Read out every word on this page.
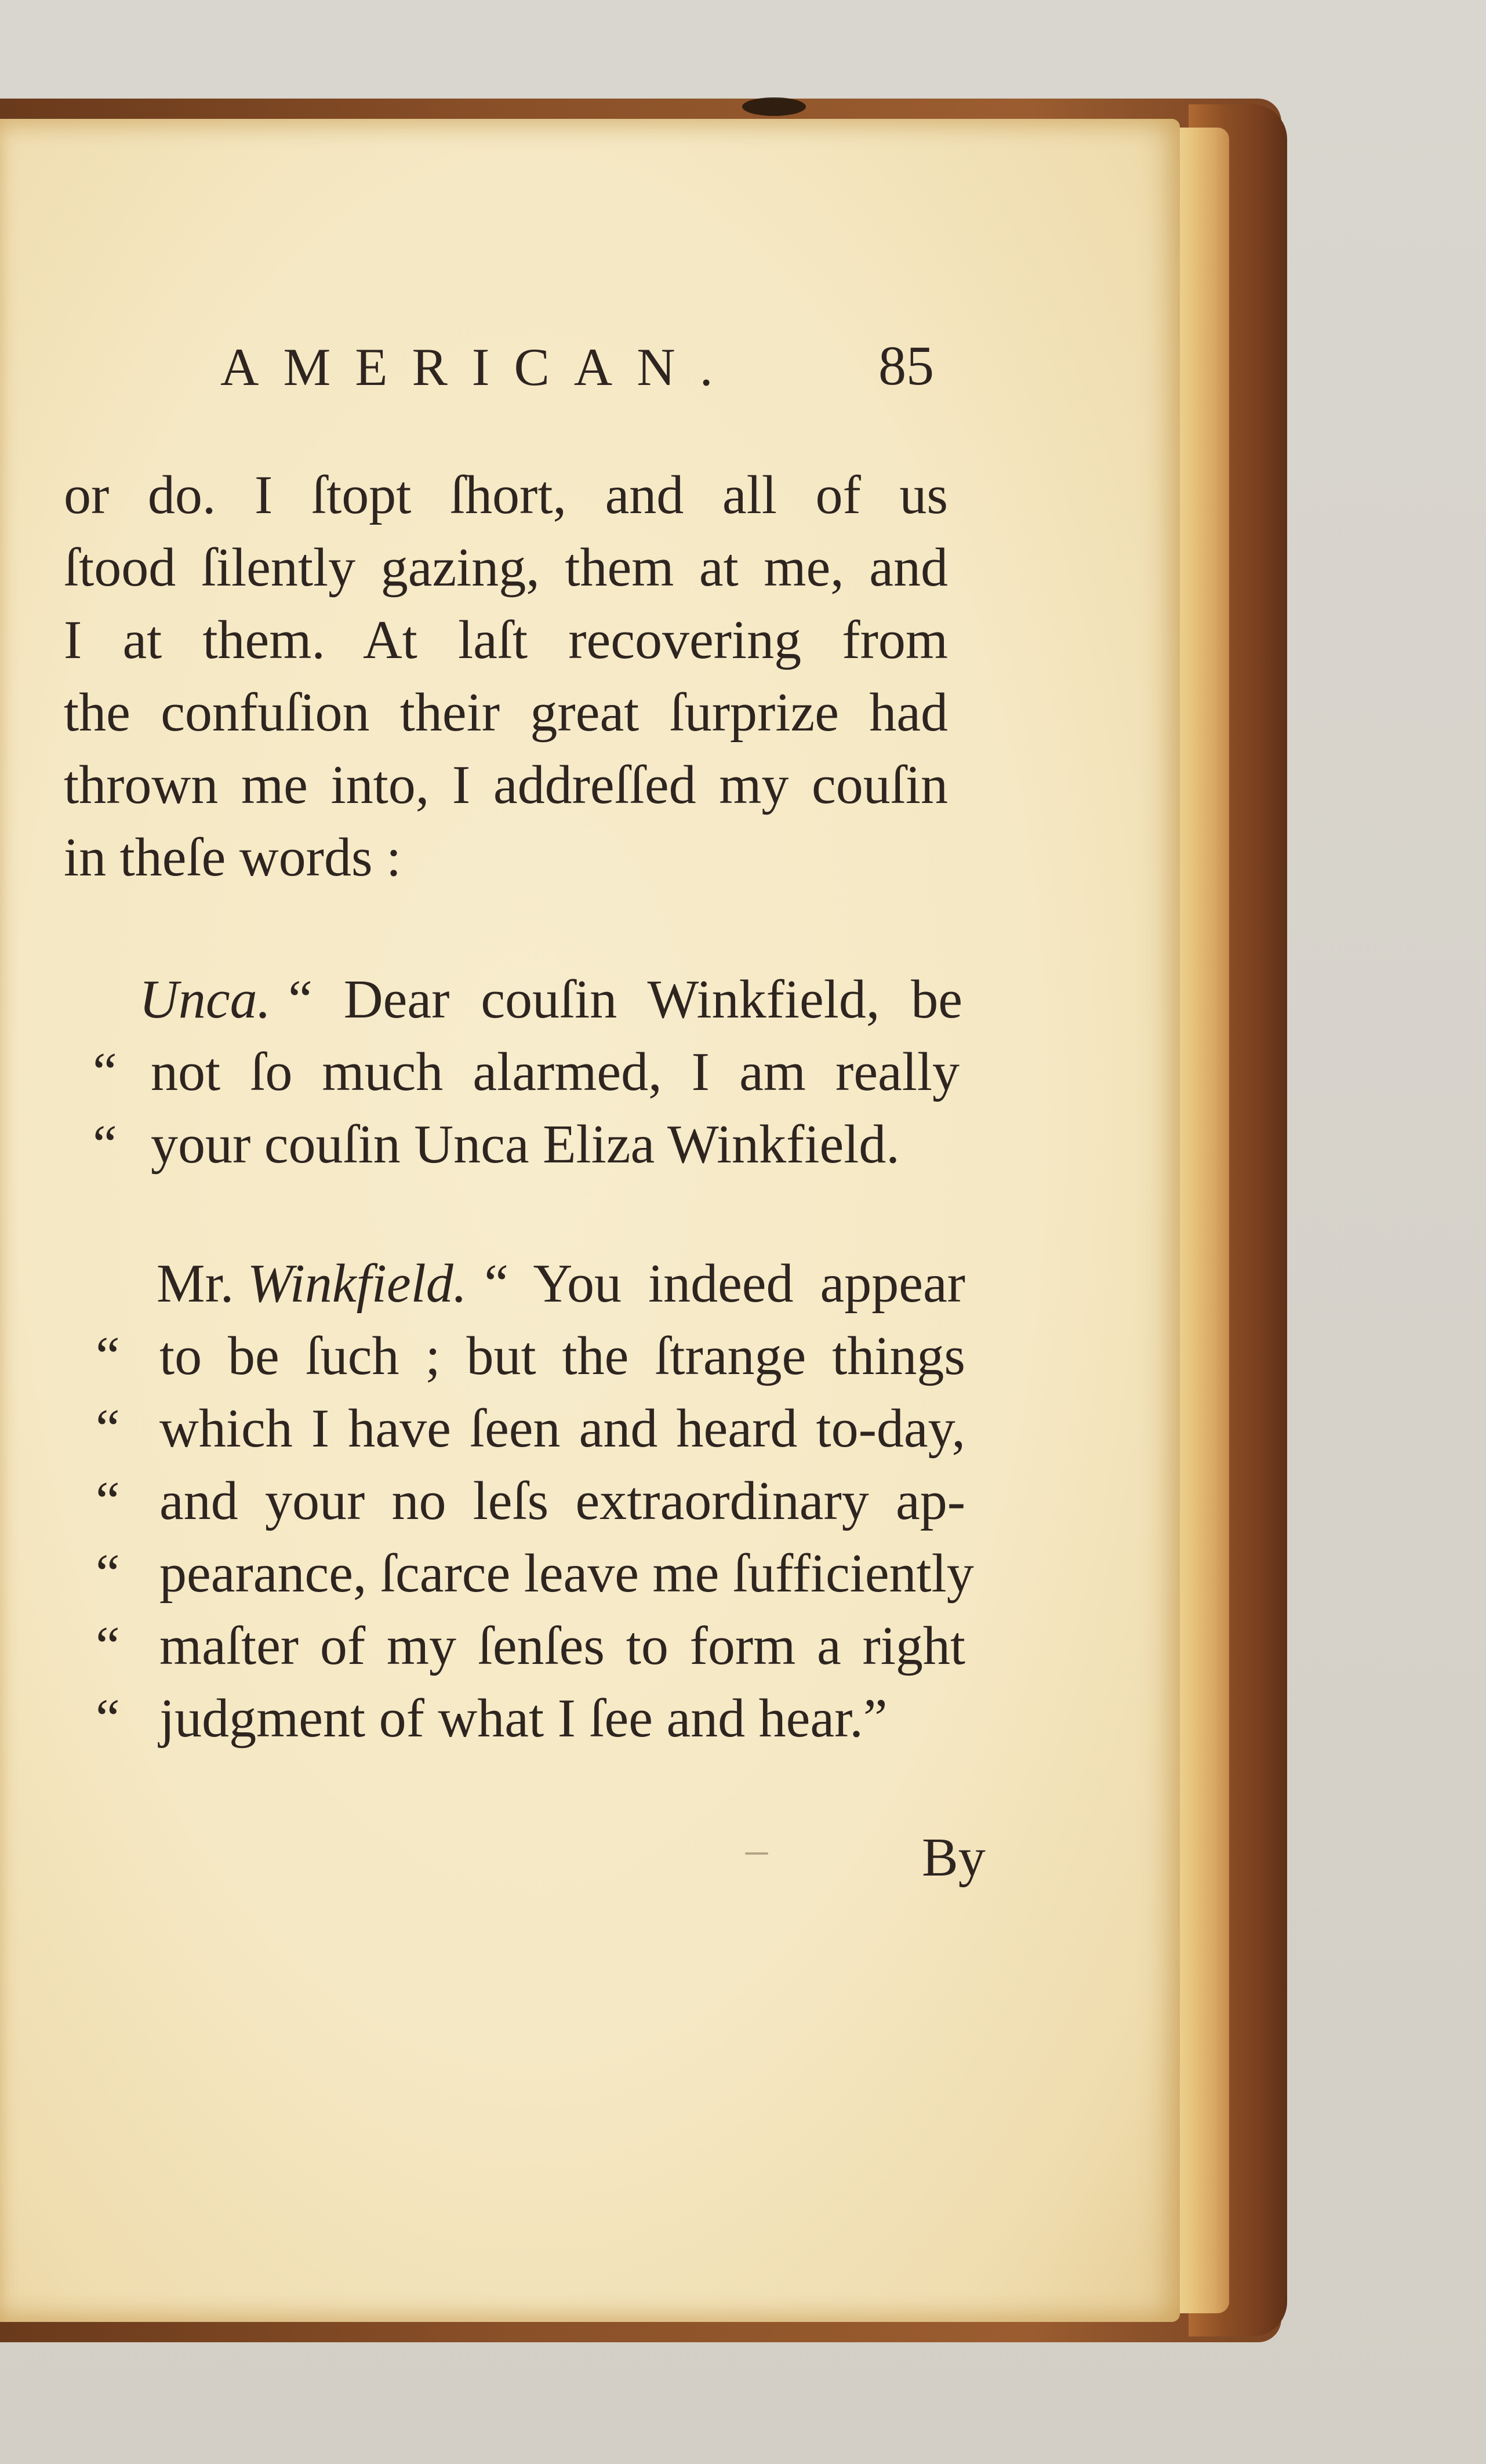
AMERICAN.	85
or do. I ſtopt ſhort, and all of us
ſtood ſilently gazing, them at me, and
I at them. At laſt recovering from
the confuſion their great ſurprize had
thrown me into, I addreſſed my couſin
in theſe words :
Unca. “ Dear couſin Winkfield, be
“ not ſo much alarmed, I am really
“ your couſin Unca Eliza Winkfield.
Mr. Winkfield. “ You indeed appear
“ to be ſuch ; but the ſtrange things
“ which I have ſeen and heard to-day,
“ and your no leſs extraordinary ap-
“ pearance, ſcarce leave me ſufficiently
“ maſter of my ſenſes to form a right
“ judgment of what I ſee and hear.”
By
